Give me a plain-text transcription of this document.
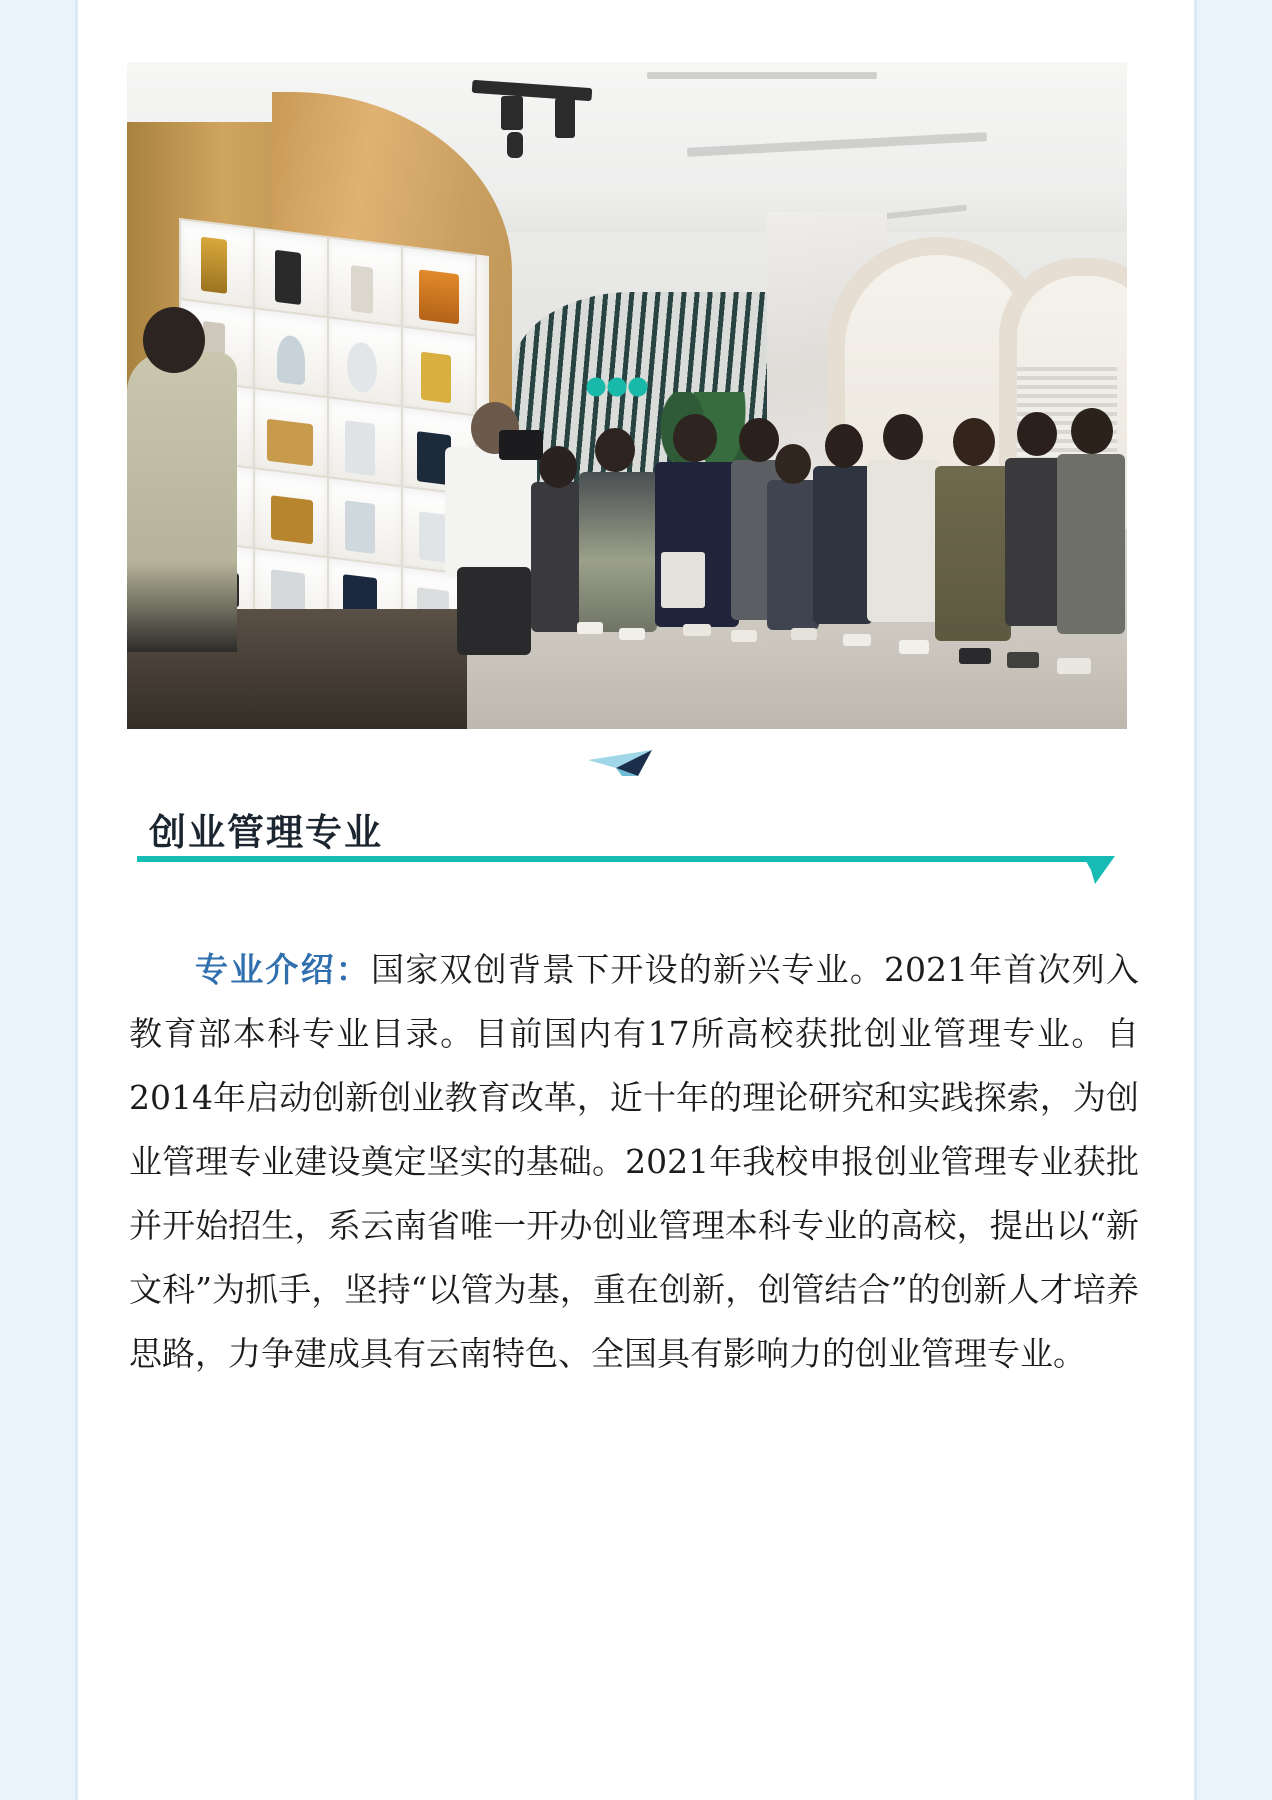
创业管理专业

专业介绍：国家双创背景下开设的新兴专业。2021年首次列入教育部本科专业目录。目前国内有17所高校获批创业管理专业。自2014年启动创新创业教育改革，近十年的理论研究和实践探索，为创业管理专业建设奠定坚实的基础。2021年我校申报创业管理专业获批并开始招生，系云南省唯一开办创业管理本科专业的高校，提出以“新文科”为抓手，坚持“以管为基，重在创新，创管结合”的创新人才培养思路，力争建成具有云南特色、全国具有影响力的创业管理专业。
